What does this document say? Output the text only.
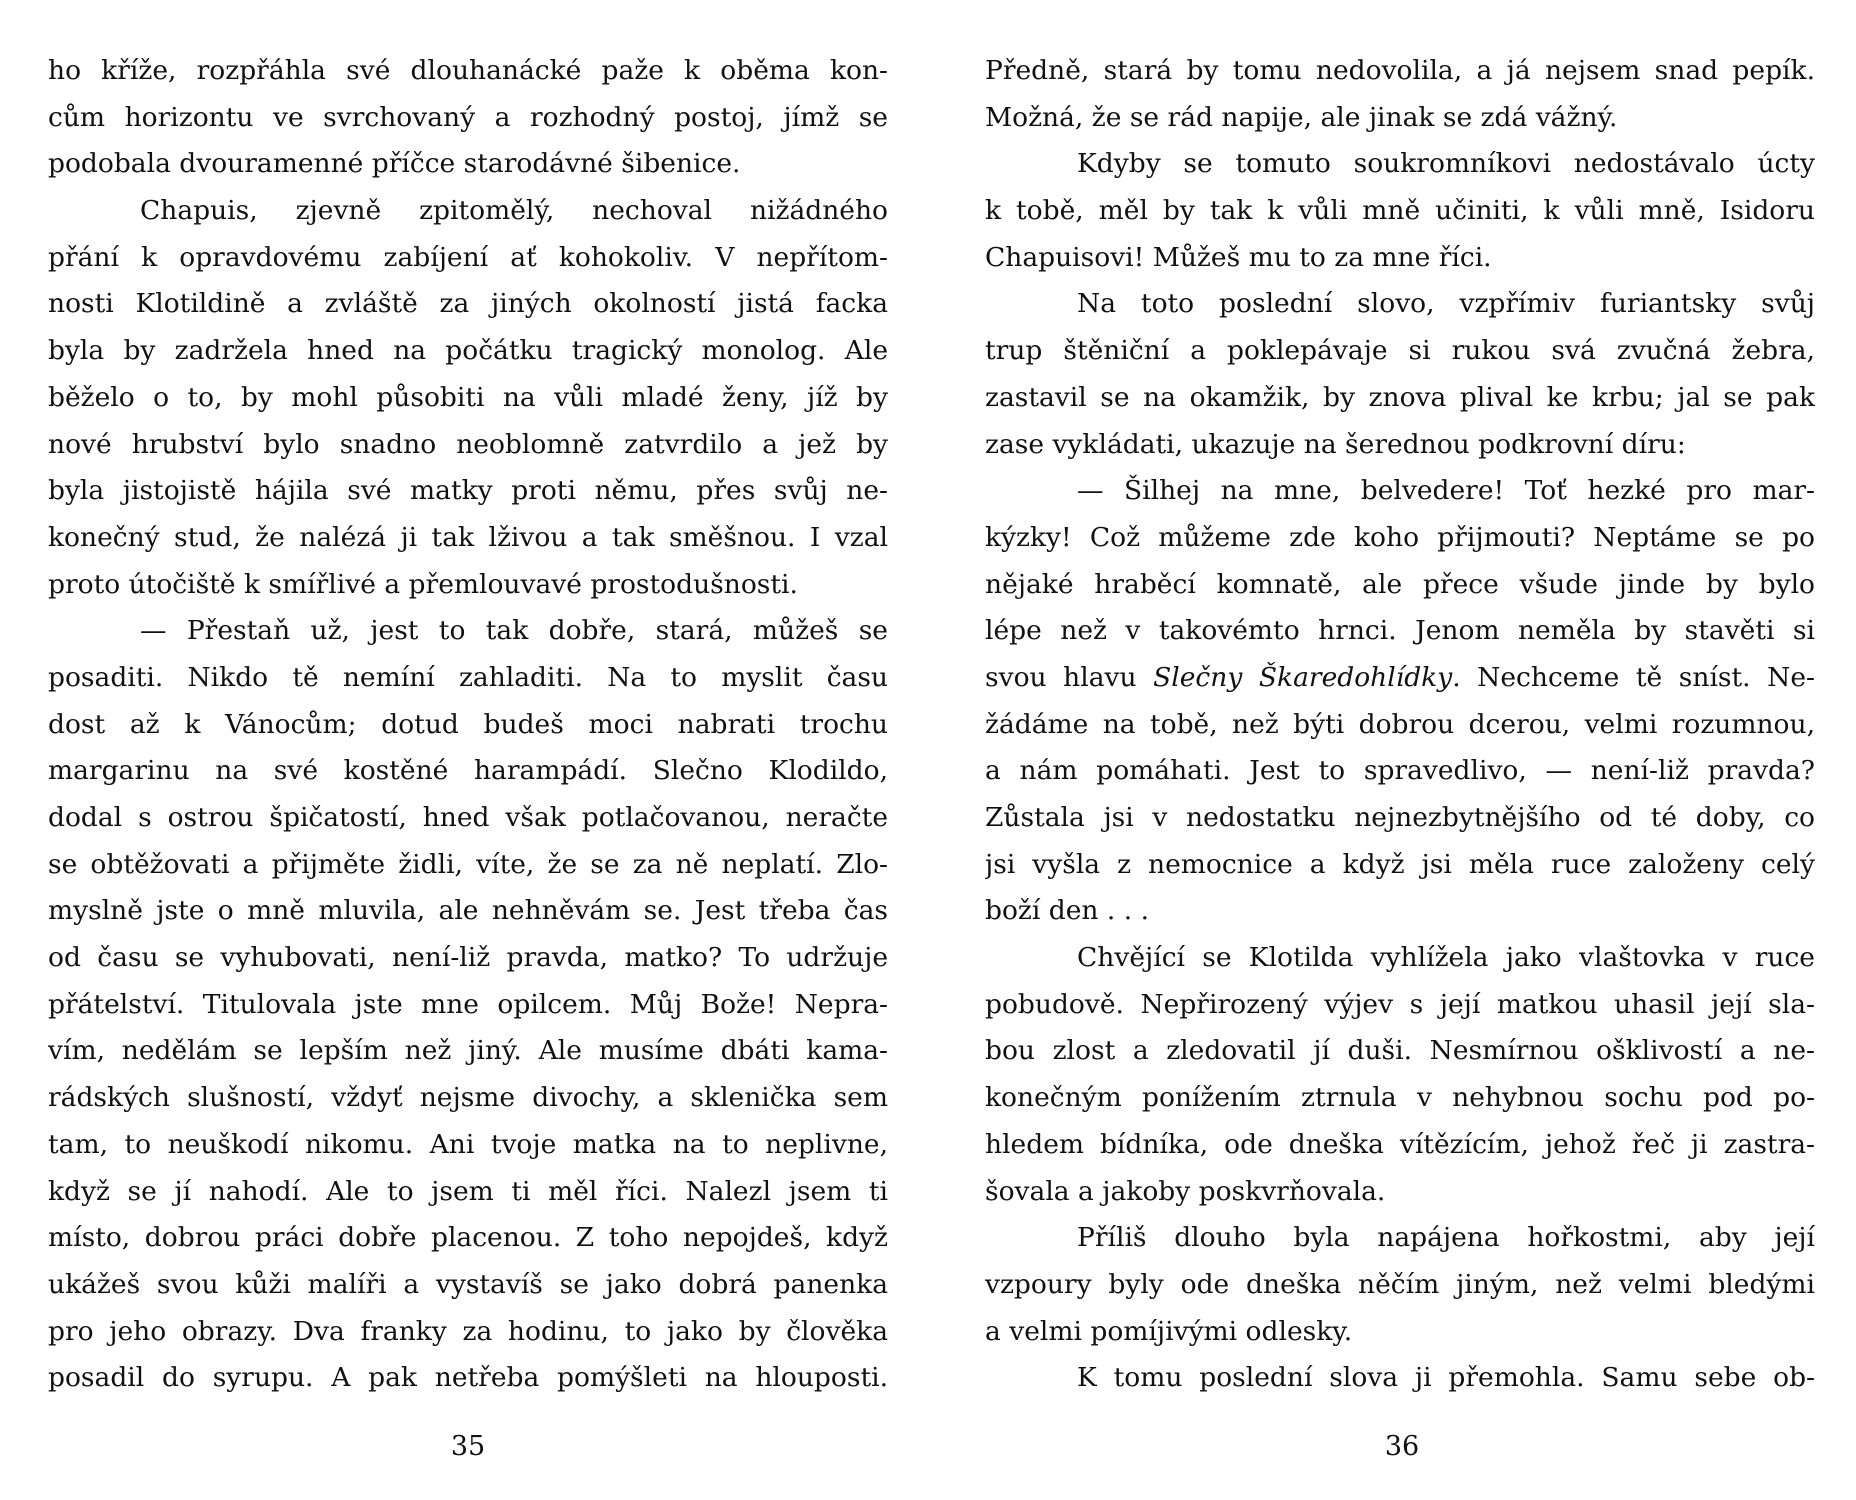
ho kříže, rozpřáhla své dlouhanácké paže k oběma kon-
cům horizontu ve svrchovaný a rozhodný postoj, jímž se
podobala dvouramenné příčce starodávné šibenice.
Chapuis, zjevně zpitomělý, nechoval nižádného
přání k opravdovému zabíjení ať kohokoliv. V nepřítom-
nosti Klotildině a zvláště za jiných okolností jistá facka
byla by zadržela hned na počátku tragický monolog. Ale
běželo o to, by mohl působiti na vůli mladé ženy, jíž by
nové hrubství bylo snadno neoblomně zatvrdilo a jež by
byla jistojistě hájila své matky proti němu, přes svůj ne-
konečný stud, že nalézá ji tak lživou a tak směšnou. I vzal
proto útočiště k smířlivé a přemlouvavé prostodušnosti.
— Přestaň už, jest to tak dobře, stará, můžeš se
posaditi. Nikdo tě nemíní zahladiti. Na to myslit času
dost až k Vánocům; dotud budeš moci nabrati trochu
margarinu na své kostěné harampádí. Slečno Klodildo,
dodal s ostrou špičatostí, hned však potlačovanou, neračte
se obtěžovati a přijměte židli, víte, že se za ně neplatí. Zlo-
myslně jste o mně mluvila, ale nehněvám se. Jest třeba čas
od času se vyhubovati, není-liž pravda, matko? To udržuje
přátelství. Titulovala jste mne opilcem. Můj Bože! Nepra-
vím, nedělám se lepším než jiný. Ale musíme dbáti kama-
rádských slušností, vždyť nejsme divochy, a sklenička sem
tam, to neuškodí nikomu. Ani tvoje matka na to neplivne,
když se jí nahodí. Ale to jsem ti měl říci. Nalezl jsem ti
místo, dobrou práci dobře placenou. Z toho nepojdeš, když
ukážeš svou kůži malíři a vystavíš se jako dobrá panenka
pro jeho obrazy. Dva franky za hodinu, to jako by člověka
posadil do syrupu. A pak netřeba pomýšleti na hlouposti.
35
Předně, stará by tomu nedovolila, a já nejsem snad pepík.
Možná, že se rád napije, ale jinak se zdá vážný.
Kdyby se tomuto soukromníkovi nedostávalo úcty
k tobě, měl by tak k vůli mně učiniti, k vůli mně, Isidoru
Chapuisovi! Můžeš mu to za mne říci.
Na toto poslední slovo, vzpřímiv furiantsky svůj
trup štěniční a poklepávaje si rukou svá zvučná žebra,
zastavil se na okamžik, by znova plival ke krbu; jal se pak
zase vykládati, ukazuje na šerednou podkrovní díru:
— Šilhej na mne, belvedere! Toť hezké pro mar-
kýzky! Což můžeme zde koho přijmouti? Neptáme se po
nějaké hraběcí komnatě, ale přece všude jinde by bylo
lépe než v takovémto hrnci. Jenom neměla by stavěti si
svou hlavu Slečny Škaredohlídky. Nechceme tě sníst. Ne-
žádáme na tobě, než býti dobrou dcerou, velmi rozumnou,
a nám pomáhati. Jest to spravedlivo, — není-liž pravda?
Zůstala jsi v nedostatku nejnezbytnějšího od té doby, co
jsi vyšla z nemocnice a když jsi měla ruce založeny celý
boží den . . .
Chvějící se Klotilda vyhlížela jako vlaštovka v ruce
pobudově. Nepřirozený výjev s její matkou uhasil její sla-
bou zlost a zledovatil jí duši. Nesmírnou ošklivostí a ne-
konečným ponížením ztrnula v nehybnou sochu pod po-
hledem bídníka, ode dneška vítězícím, jehož řeč ji zastra-
šovala a jakoby poskvrňovala.
Příliš dlouho byla napájena hořkostmi, aby její
vzpoury byly ode dneška něčím jiným, než velmi bledými
a velmi pomíjivými odlesky.
K tomu poslední slova ji přemohla. Samu sebe ob-
36
